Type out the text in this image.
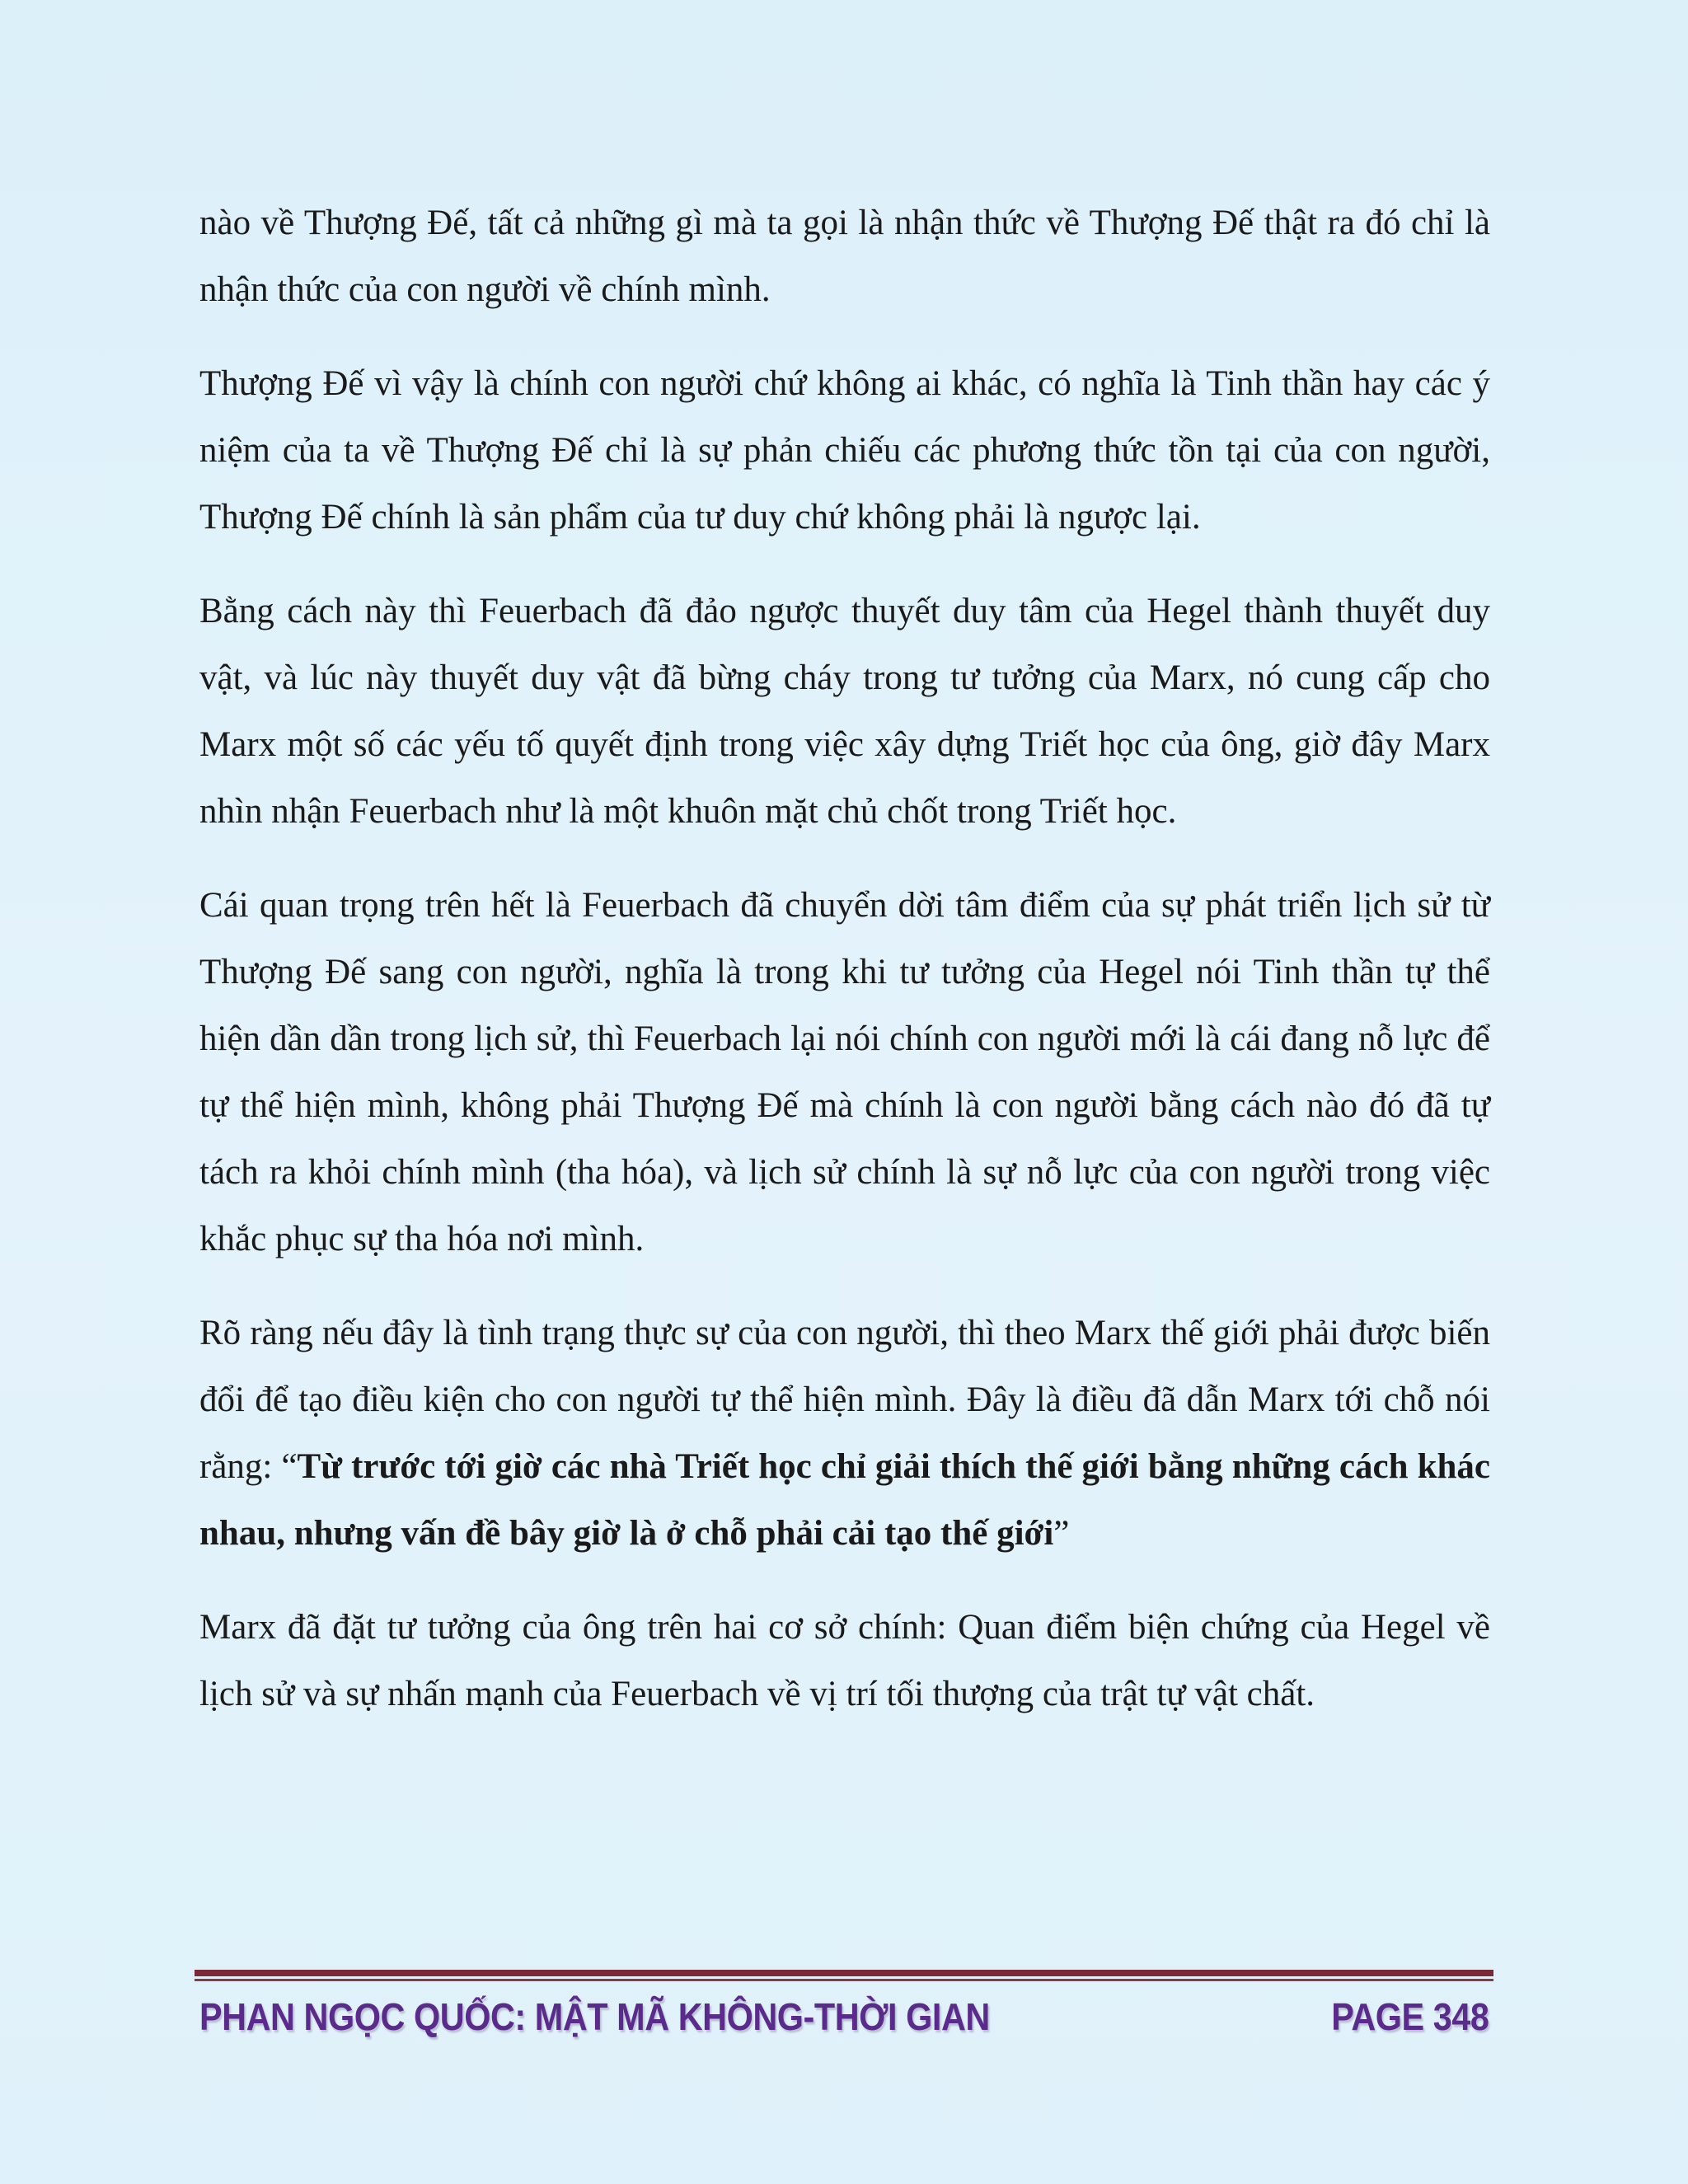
nào về Thượng Đế, tất cả những gì mà ta gọi là nhận thức về Thượng Đế thật ra đó chỉ là nhận thức của con người về chính mình.

Thượng Đế vì vậy là chính con người chứ không ai khác, có nghĩa là Tinh thần hay các ý niệm của ta về Thượng Đế chỉ là sự phản chiếu các phương thức tồn tại của con người, Thượng Đế chính là sản phẩm của tư duy chứ không phải là ngược lại.

Bằng cách này thì Feuerbach đã đảo ngược thuyết duy tâm của Hegel thành thuyết duy vật, và lúc này thuyết duy vật đã bừng cháy trong tư tưởng của Marx, nó cung cấp cho Marx một số các yếu tố quyết định trong việc xây dựng Triết học của ông, giờ đây Marx nhìn nhận Feuerbach như là một khuôn mặt chủ chốt trong Triết học.

Cái quan trọng trên hết là Feuerbach đã chuyển dời tâm điểm của sự phát triển lịch sử từ Thượng Đế sang con người, nghĩa là trong khi tư tưởng của Hegel nói Tinh thần tự thể hiện dần dần trong lịch sử, thì Feuerbach lại nói chính con người mới là cái đang nỗ lực để tự thể hiện mình, không phải Thượng Đế mà chính là con người bằng cách nào đó đã tự tách ra khỏi chính mình (tha hóa), và lịch sử chính là sự nỗ lực của con người trong việc khắc phục sự tha hóa nơi mình.

Rõ ràng nếu đây là tình trạng thực sự của con người, thì theo Marx thế giới phải được biến đổi để tạo điều kiện cho con người tự thể hiện mình. Đây là điều đã dẫn Marx tới chỗ nói rằng: “Từ trước tới giờ các nhà Triết học chỉ giải thích thế giới bằng những cách khác nhau, nhưng vấn đề bây giờ là ở chỗ phải cải tạo thế giới”

Marx đã đặt tư tưởng của ông trên hai cơ sở chính: Quan điểm biện chứng của Hegel về lịch sử và sự nhấn mạnh của Feuerbach về vị trí tối thượng của trật tự vật chất.

PHAN NGỌC QUỐC: MẬT MÃ KHÔNG-THỜI GIAN	PAGE 348
